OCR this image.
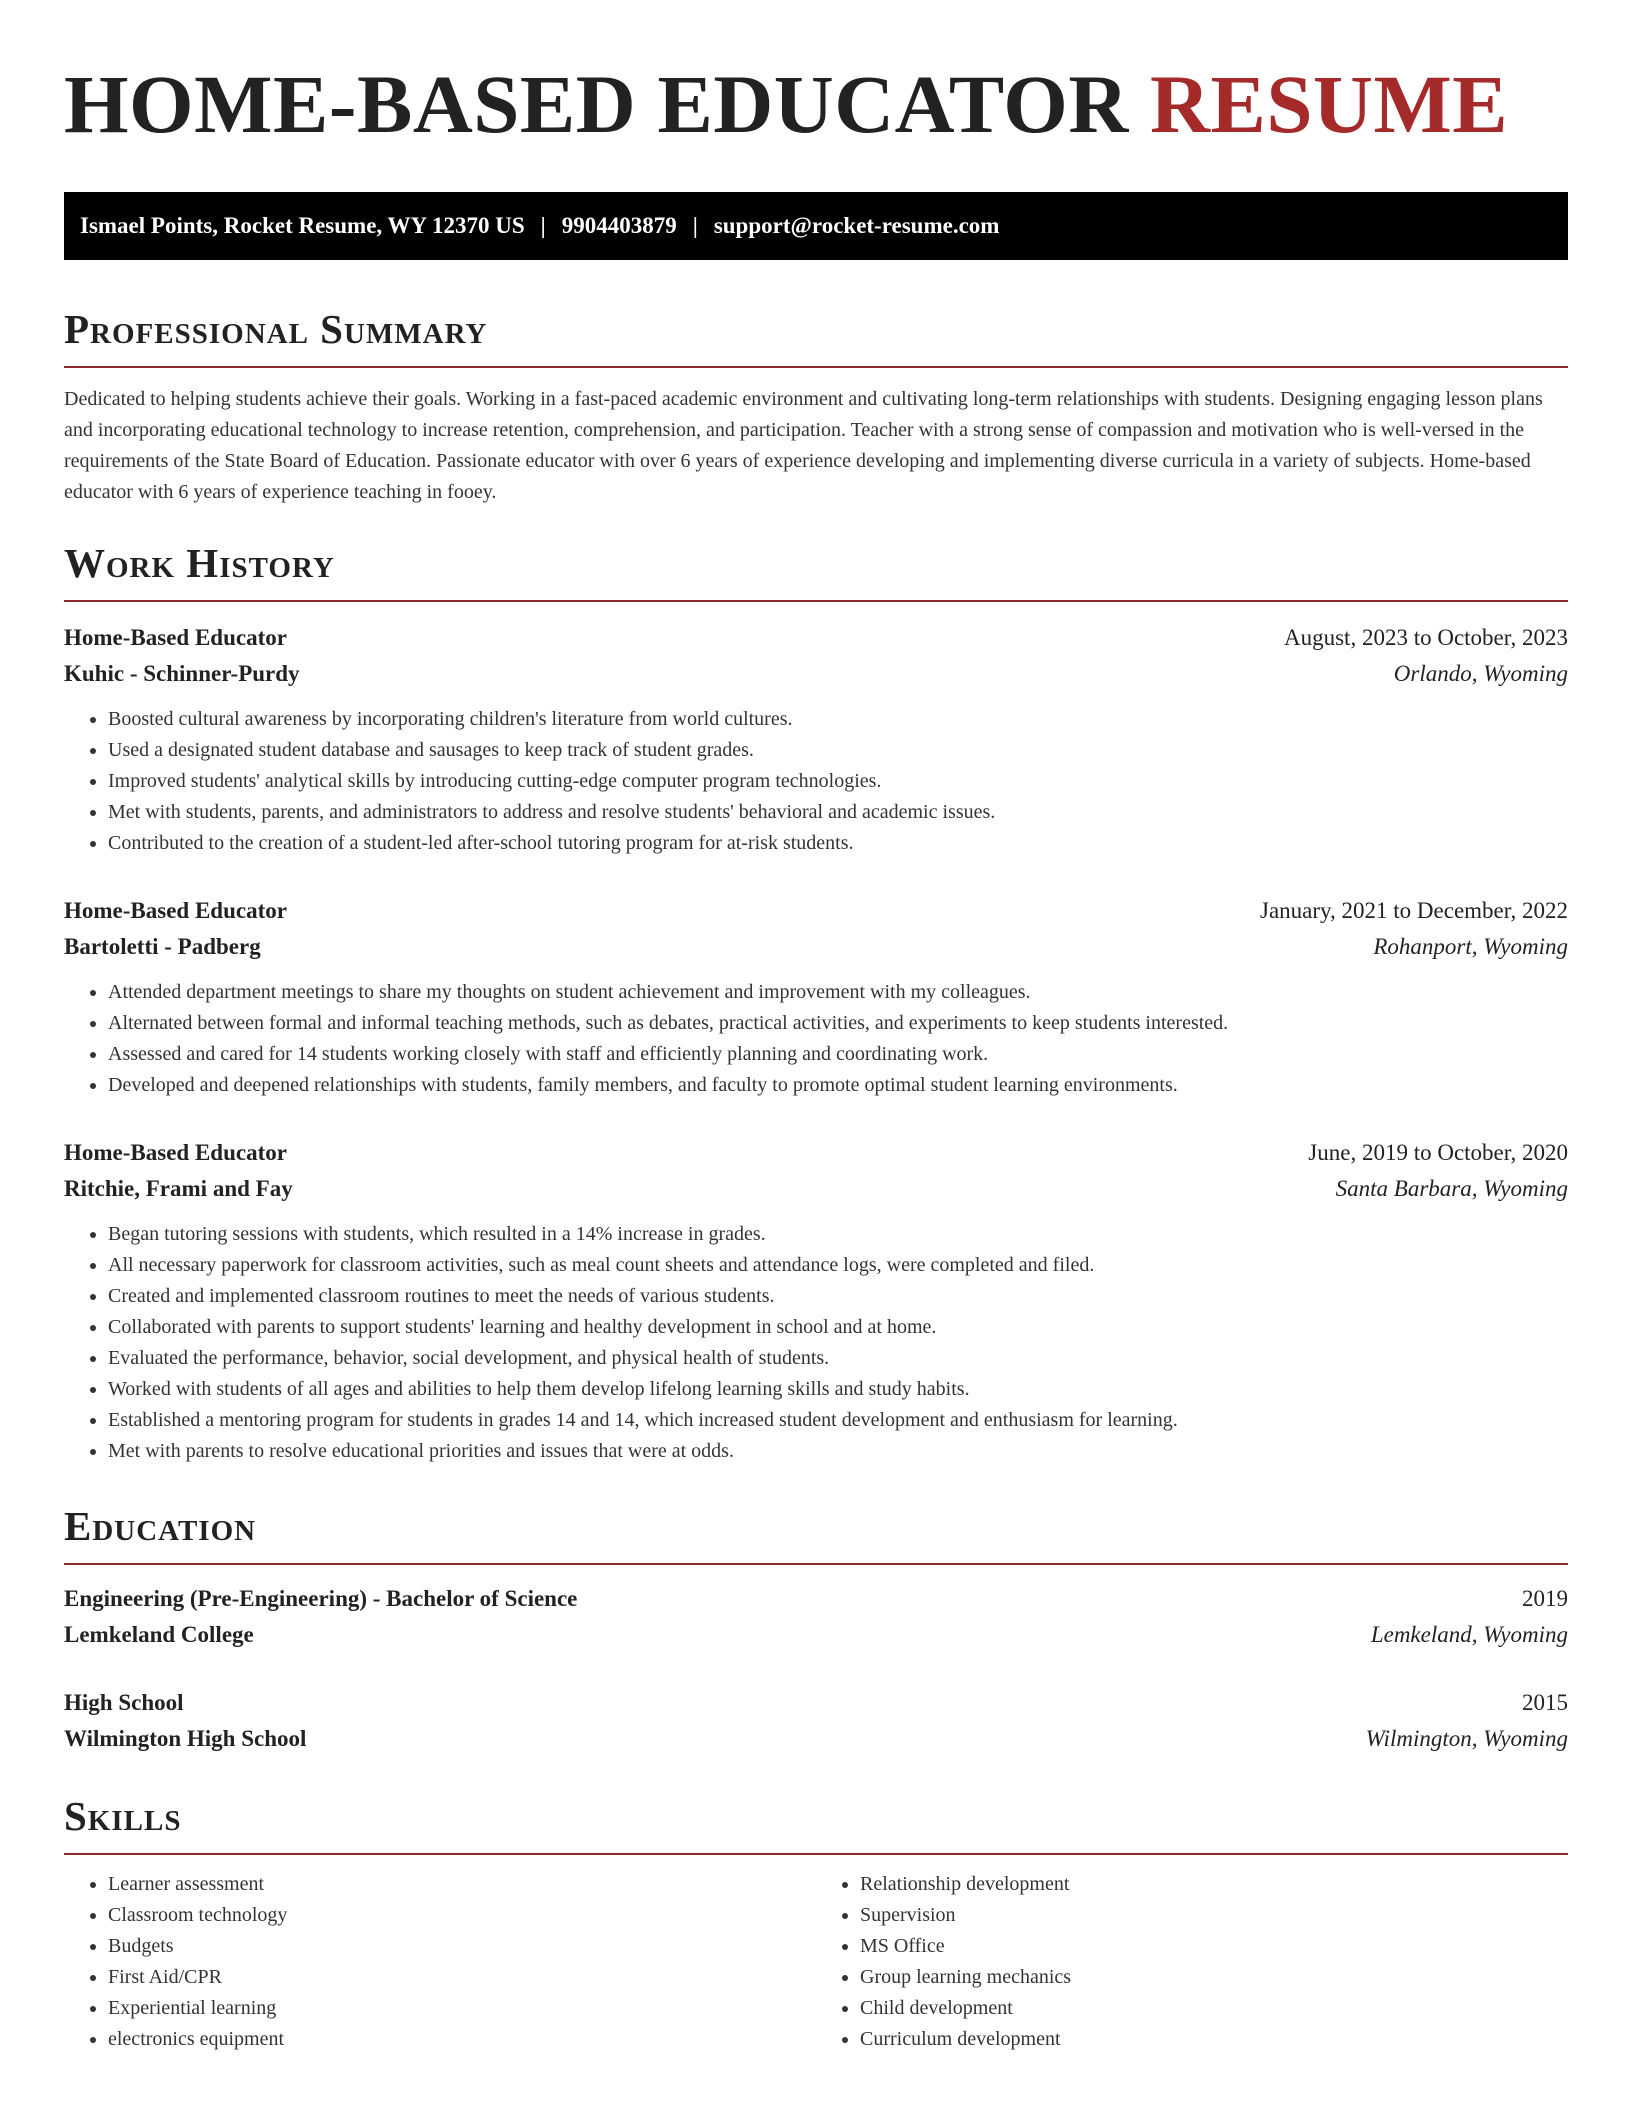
HOME-BASED EDUCATOR RESUME
Ismael Points, Rocket Resume, WY 12370 US | 9904403879 | support@rocket-resume.com
Professional Summary

Dedicated to helping students achieve their goals. Working in a fast-paced academic environment and cultivating long-term relationships with students. Designing engaging lesson plans and incorporating educational technology to increase retention, comprehension, and participation. Teacher with a strong sense of compassion and motivation who is well-versed in the requirements of the State Board of Education. Passionate educator with over 6 years of experience developing and implementing diverse curricula in a variety of subjects. Home-based educator with 6 years of experience teaching in fooey.

Work History
Home-Based Educator	August, 2023 to October, 2023
Kuhic - Schinner-Purdy	Orlando, Wyoming
• Boosted cultural awareness by incorporating children's literature from world cultures.
• Used a designated student database and sausages to keep track of student grades.
• Improved students' analytical skills by introducing cutting-edge computer program technologies.
• Met with students, parents, and administrators to address and resolve students' behavioral and academic issues.
• Contributed to the creation of a student-led after-school tutoring program for at-risk students.
Home-Based Educator	January, 2021 to December, 2022
Bartoletti - Padberg	Rohanport, Wyoming
• Attended department meetings to share my thoughts on student achievement and improvement with my colleagues.
• Alternated between formal and informal teaching methods, such as debates, practical activities, and experiments to keep students interested.
• Assessed and cared for 14 students working closely with staff and efficiently planning and coordinating work.
• Developed and deepened relationships with students, family members, and faculty to promote optimal student learning environments.
Home-Based Educator	June, 2019 to October, 2020
Ritchie, Frami and Fay	Santa Barbara, Wyoming
• Began tutoring sessions with students, which resulted in a 14% increase in grades.
• All necessary paperwork for classroom activities, such as meal count sheets and attendance logs, were completed and filed.
• Created and implemented classroom routines to meet the needs of various students.
• Collaborated with parents to support students' learning and healthy development in school and at home.
• Evaluated the performance, behavior, social development, and physical health of students.
• Worked with students of all ages and abilities to help them develop lifelong learning skills and study habits.
• Established a mentoring program for students in grades 14 and 14, which increased student development and enthusiasm for learning.
• Met with parents to resolve educational priorities and issues that were at odds.
Education
Engineering (Pre-Engineering) - Bachelor of Science	2019
Lemkeland College	Lemkeland, Wyoming
High School	2015
Wilmington High School	Wilmington, Wyoming
Skills
• Learner assessment
• Classroom technology
• Budgets
• First Aid/CPR
• Experiential learning
• electronics equipment
• Relationship development
• Supervision
• MS Office
• Group learning mechanics
• Child development
• Curriculum development
